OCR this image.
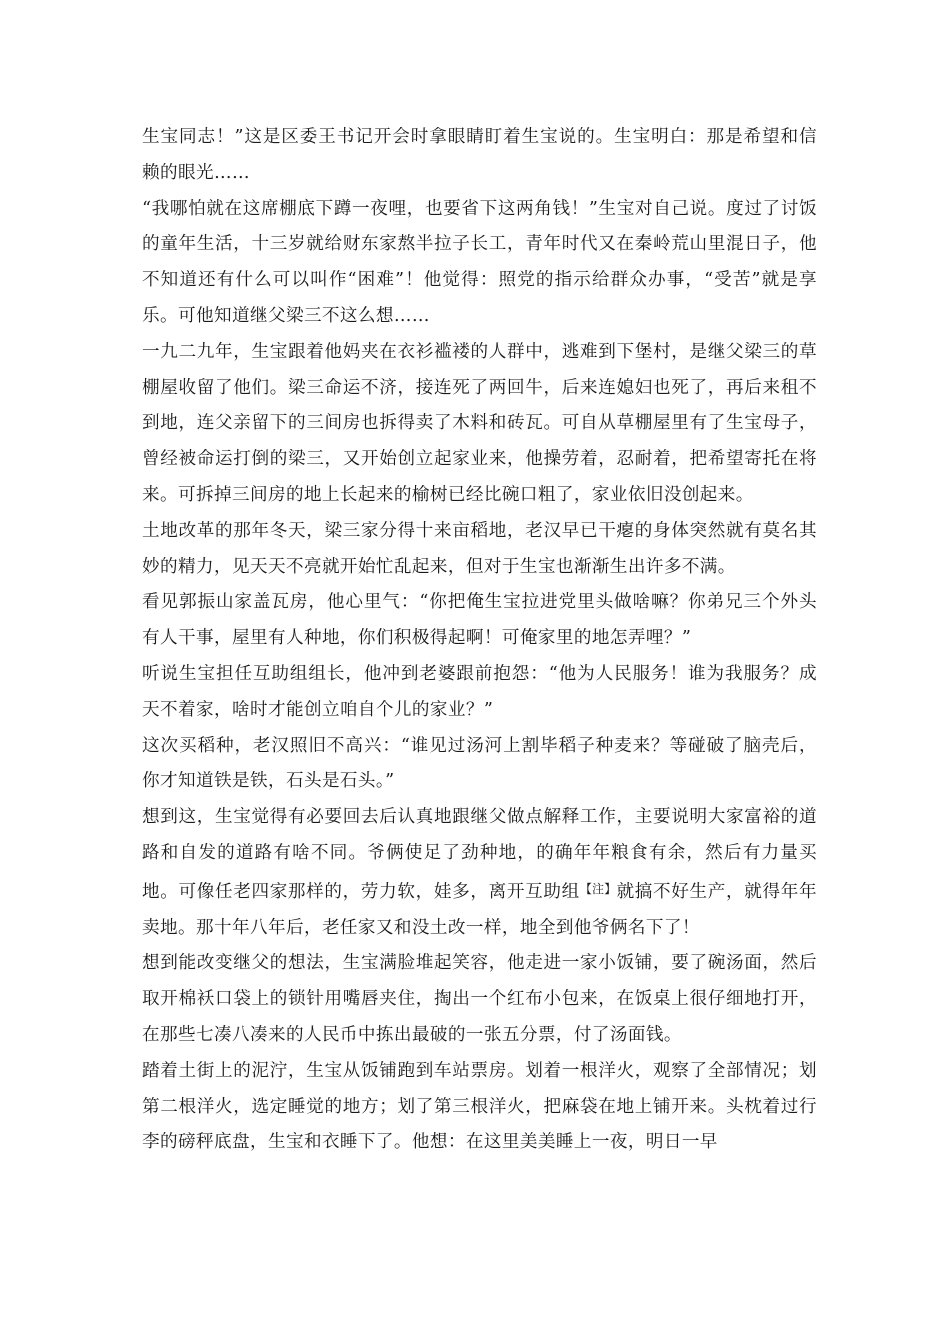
生宝同志！”这是区委王书记开会时拿眼睛盯着生宝说的。生宝明白：那是希望和信赖的眼光……

“我哪怕就在这席棚底下蹲一夜哩，也要省下这两角钱！”生宝对自己说。度过了讨饭的童年生活，十三岁就给财东家熬半拉子长工，青年时代又在秦岭荒山里混日子，他不知道还有什么可以叫作“困难”！他觉得：照党的指示给群众办事，“受苦”就是享乐。可他知道继父梁三不这么想……

一九二九年，生宝跟着他妈夹在衣衫褴褛的人群中，逃难到下堡村，是继父梁三的草棚屋收留了他们。梁三命运不济，接连死了两回牛，后来连媳妇也死了，再后来租不到地，连父亲留下的三间房也拆得卖了木料和砖瓦。可自从草棚屋里有了生宝母子，曾经被命运打倒的梁三，又开始创立起家业来，他操劳着，忍耐着，把希望寄托在将来。可拆掉三间房的地上长起来的榆树已经比碗口粗了，家业依旧没创起来。

土地改革的那年冬天，梁三家分得十来亩稻地，老汉早已干瘪的身体突然就有莫名其妙的精力，见天天不亮就开始忙乱起来，但对于生宝也渐渐生出许多不满。

看见郭振山家盖瓦房，他心里气：“你把俺生宝拉进党里头做啥嘛？你弟兄三个外头有人干事，屋里有人种地，你们积极得起啊！可俺家里的地怎弄哩？”

听说生宝担任互助组组长，他冲到老婆跟前抱怨：“他为人民服务！谁为我服务？成天不着家，啥时才能创立咱自个儿的家业？”

这次买稻种，老汉照旧不高兴：“谁见过汤河上割毕稻子种麦来？等碰破了脑壳后，你才知道铁是铁，石头是石头。”

想到这，生宝觉得有必要回去后认真地跟继父做点解释工作，主要说明大家富裕的道路和自发的道路有啥不同。爷俩使足了劲种地，的确年年粮食有余，然后有力量买地。可像任老四家那样的，劳力软，娃多，离开互助组$^{【注】}$就搞不好生产，就得年年卖地。那十年八年后，老任家又和没土改一样，地全到他爷俩名下了！

想到能改变继父的想法，生宝满脸堆起笑容，他走进一家小饭铺，要了碗汤面，然后取开棉袄口袋上的锁针用嘴唇夹住，掏出一个红布小包来，在饭桌上很仔细地打开，在那些七凑八凑来的人民币中拣出最破的一张五分票，付了汤面钱。

踏着土街上的泥泞，生宝从饭铺跑到车站票房。划着一根洋火，观察了全部情况；划第二根洋火，选定睡觉的地方；划了第三根洋火，把麻袋在地上铺开来。头枕着过行李的磅秤底盘，生宝和衣睡下了。他想：在这里美美睡上一夜，明日一早
